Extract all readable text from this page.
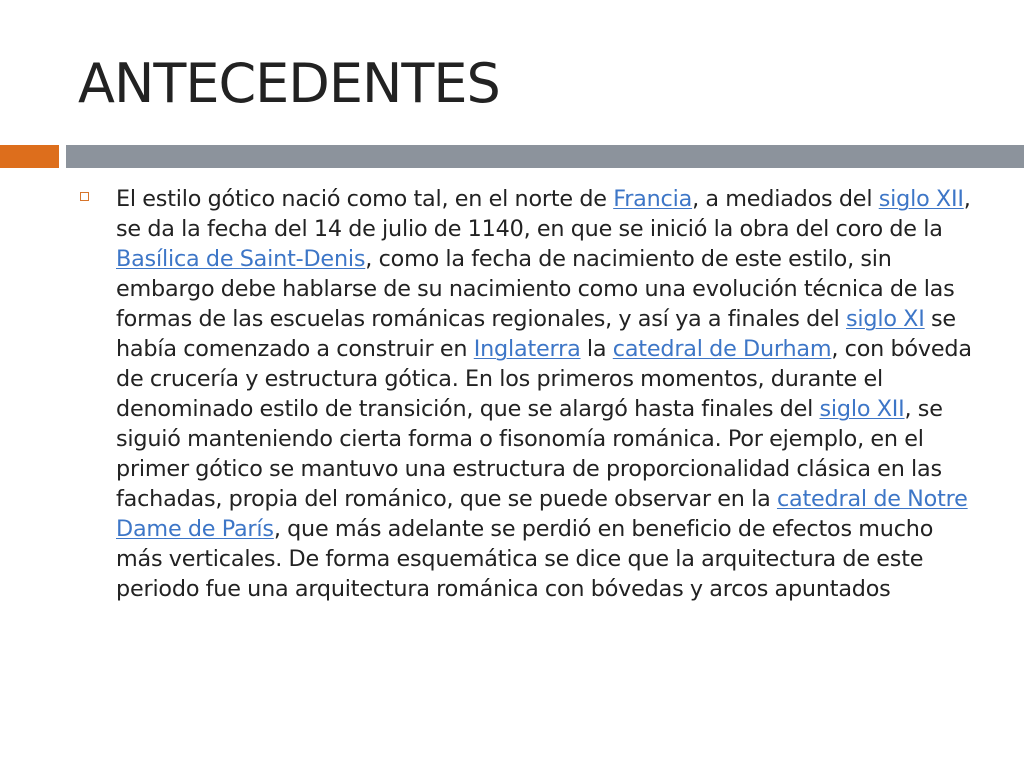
ANTECEDENTES

El estilo gótico nació como tal, en el norte de Francia, a mediados del siglo XII, se da la fecha del 14 de julio de 1140, en que se inició la obra del coro de la Basílica de Saint-Denis, como la fecha de nacimiento de este estilo, sin embargo debe hablarse de su nacimiento como una evolución técnica de las formas de las escuelas románicas regionales, y así ya a finales del siglo XI se había comenzado a construir en Inglaterra la catedral de Durham, con bóveda de crucería y estructura gótica. En los primeros momentos, durante el denominado estilo de transición, que se alargó hasta finales del siglo XII, se siguió manteniendo cierta forma o fisonomía románica. Por ejemplo, en el primer gótico se mantuvo una estructura de proporcionalidad clásica en las fachadas, propia del románico, que se puede observar en la catedral de Notre Dame de París, que más adelante se perdió en beneficio de efectos mucho más verticales. De forma esquemática se dice que la arquitectura de este periodo fue una arquitectura románica con bóvedas y arcos apuntados
